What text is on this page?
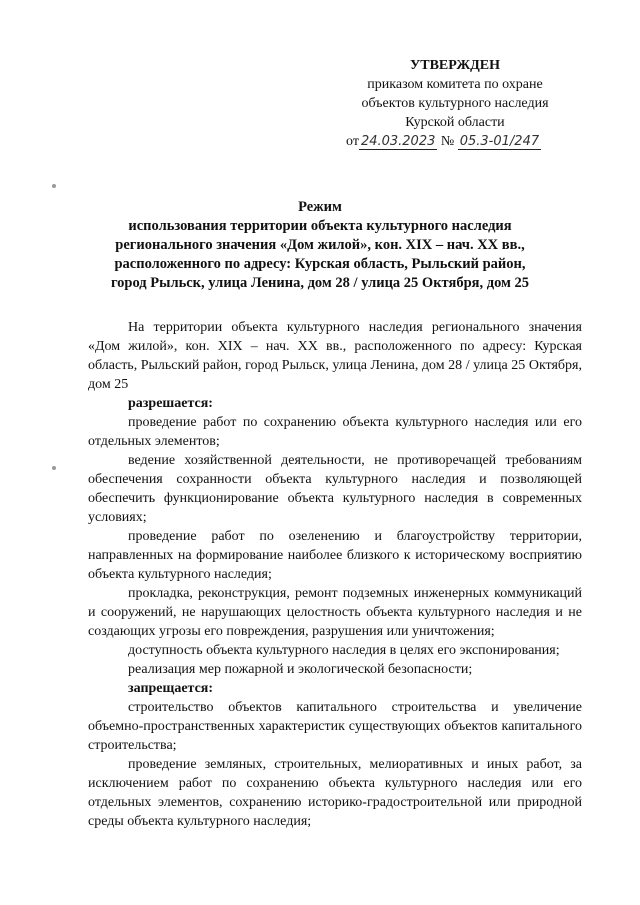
УТВЕРЖДЕН
приказом комитета по охране
объектов культурного наследия
Курской области
от 24.03.2023 № 05.3-01/247
Режим
использования территории объекта культурного наследия
регионального значения «Дом жилой», кон. XIX – нач. XX вв.,
расположенного по адресу: Курская область, Рыльский район,
город Рыльск, улица Ленина, дом 28 / улица 25 Октября, дом 25

На территории объекта культурного наследия регионального значения «Дом жилой», кон. XIX – нач. XX вв., расположенного по адресу: Курская область, Рыльский район, город Рыльск, улица Ленина, дом 28 / улица 25 Октября, дом 25

разрешается:

проведение работ по сохранению объекта культурного наследия или его отдельных элементов;

ведение хозяйственной деятельности, не противоречащей требованиям обеспечения сохранности объекта культурного наследия и позволяющей обеспечить функционирование объекта культурного наследия в современных условиях;

проведение работ по озеленению и благоустройству территории, направленных на формирование наиболее близкого к историческому восприятию объекта культурного наследия;

прокладка, реконструкция, ремонт подземных инженерных коммуникаций и сооружений, не нарушающих целостность объекта культурного наследия и не создающих угрозы его повреждения, разрушения или уничтожения;

доступность объекта культурного наследия в целях его экспонирования;

реализация мер пожарной и экологической безопасности;

запрещается:

строительство объектов капитального строительства и увеличение объемно-пространственных характеристик существующих объектов капитального строительства;

проведение земляных, строительных, мелиоративных и иных работ, за исключением работ по сохранению объекта культурного наследия или его отдельных элементов, сохранению историко-градостроительной или природной среды объекта культурного наследия;
